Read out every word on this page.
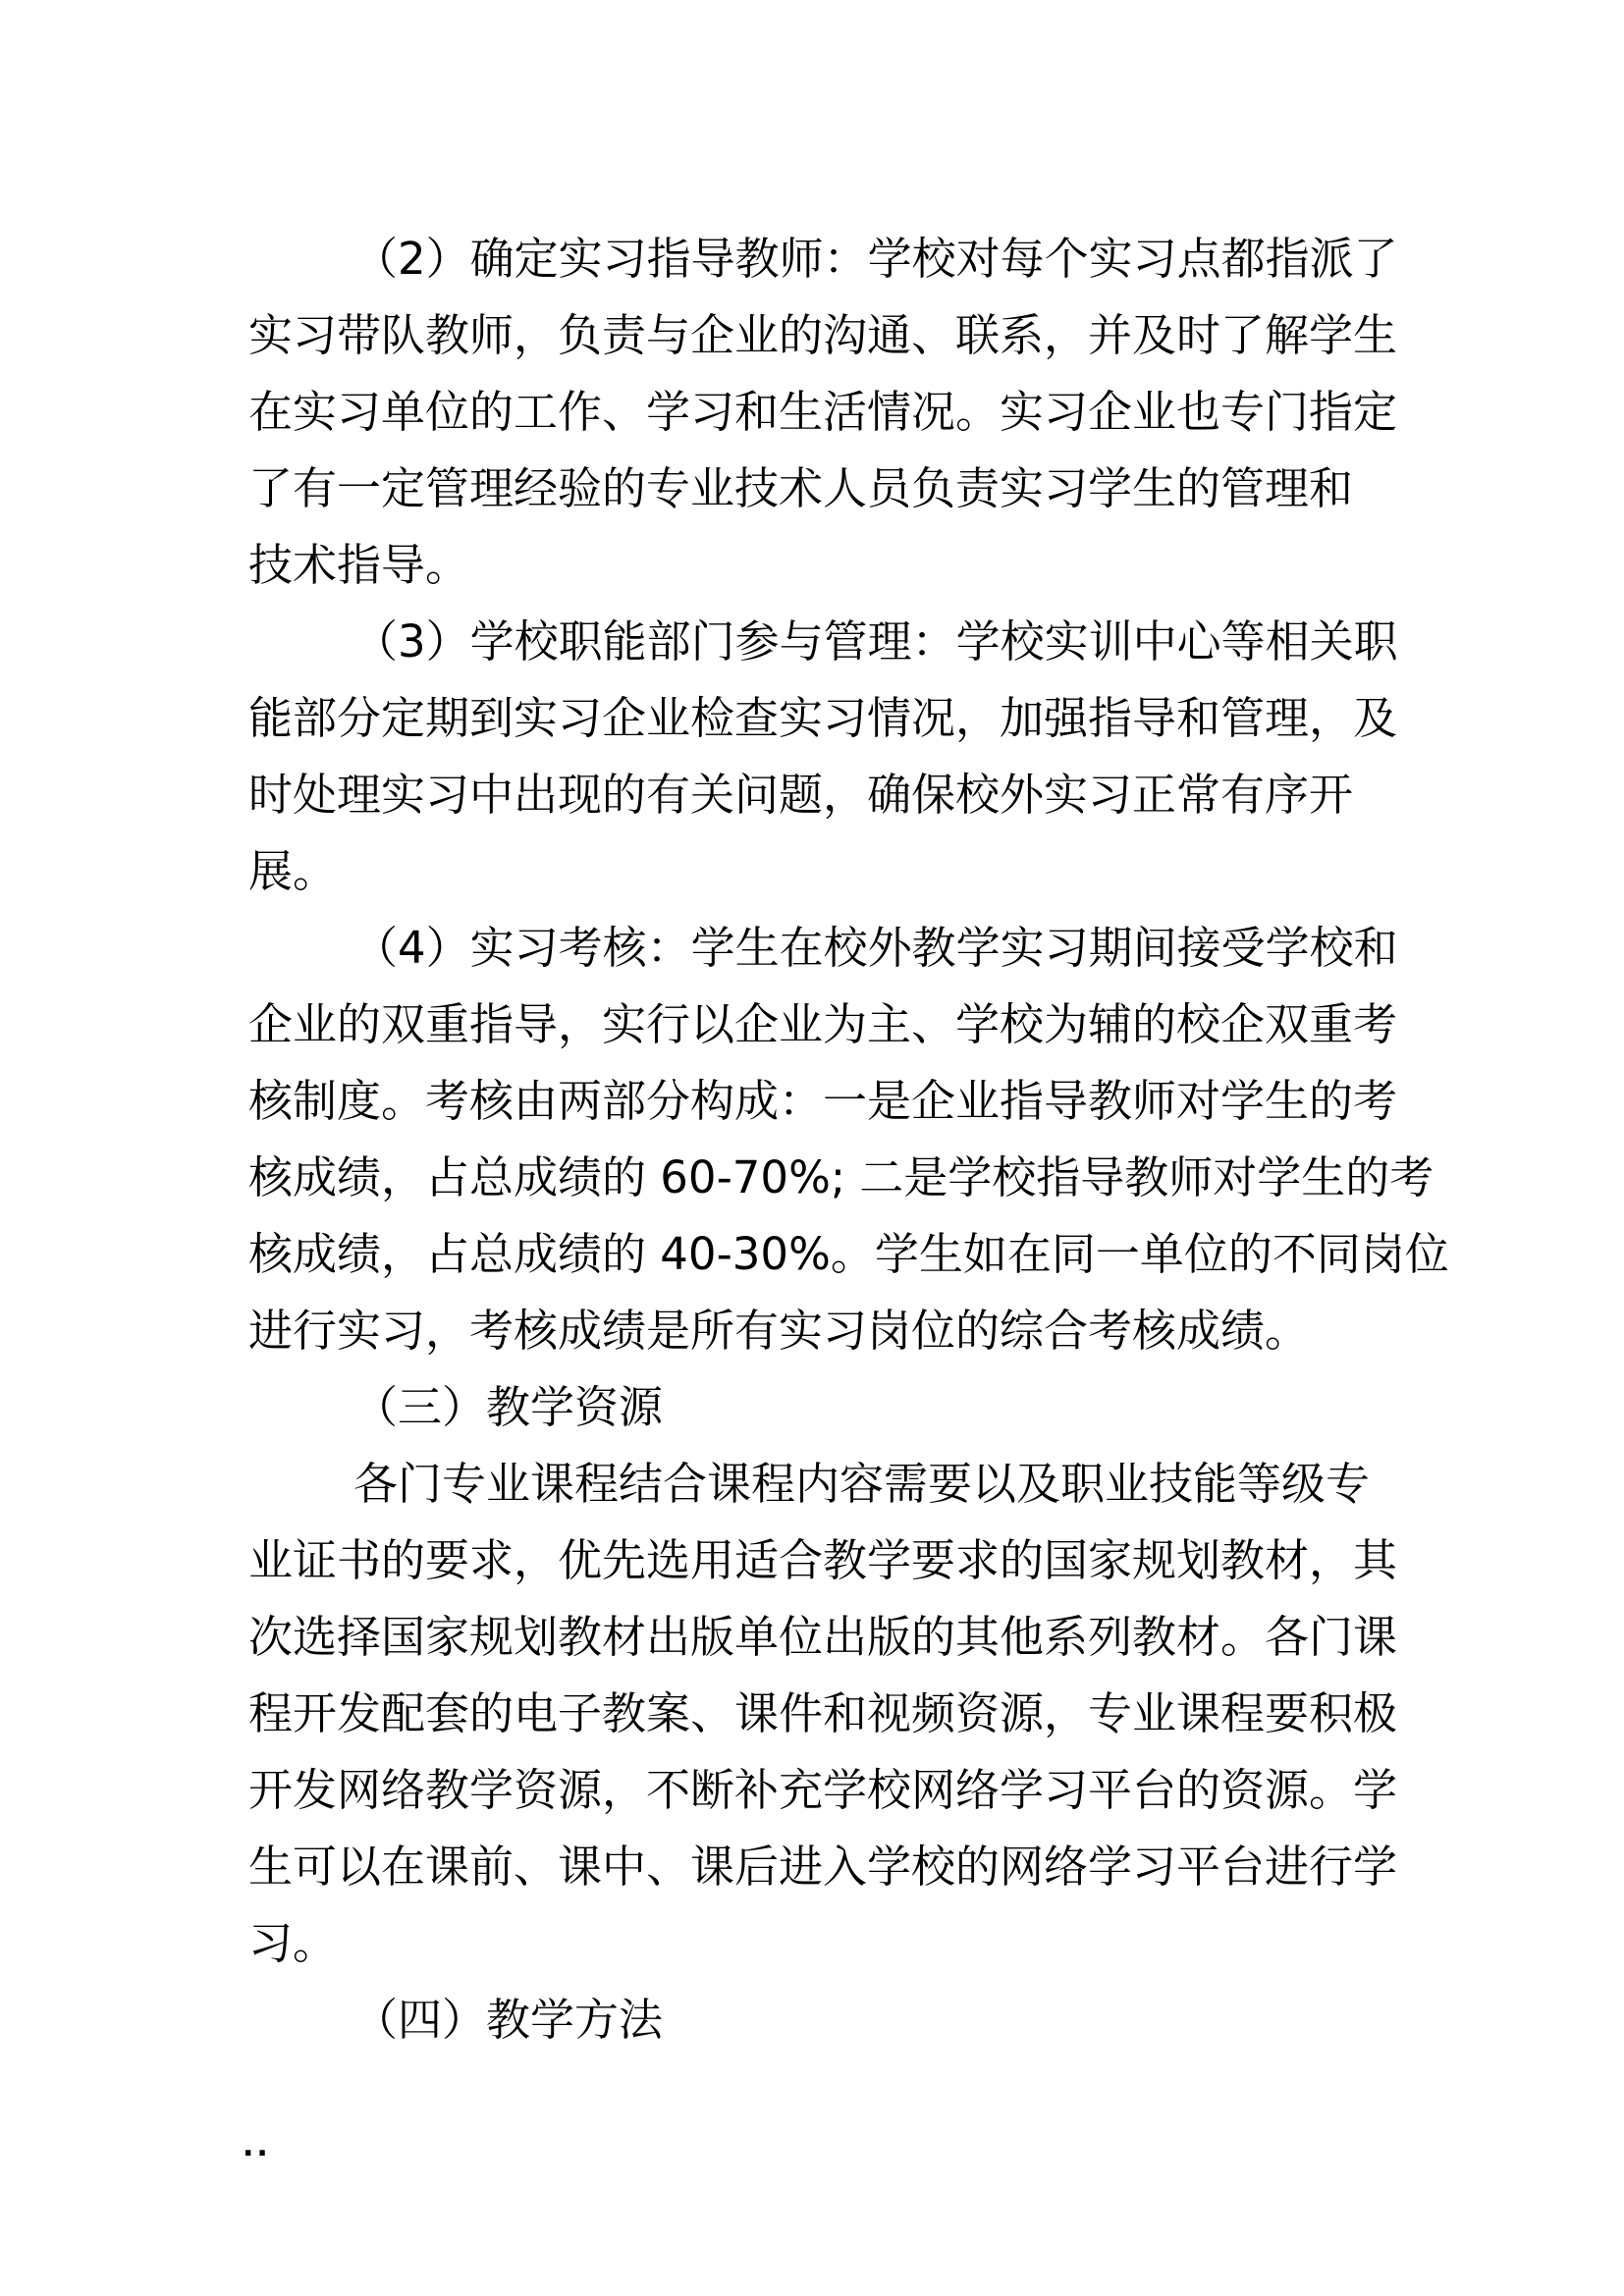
（2）确定实习指导教师：学校对每个实习点都指派了
实习带队教师，负责与企业的沟通、联系，并及时了解学生
在实习单位的工作、学习和生活情况。实习企业也专门指定
了有一定管理经验的专业技术人员负责实习学生的管理和
技术指导。
（3）学校职能部门参与管理：学校实训中心等相关职
能部分定期到实习企业检查实习情况，加强指导和管理，及
时处理实习中出现的有关问题，确保校外实习正常有序开
展。
（4）实习考核：学生在校外教学实习期间接受学校和
企业的双重指导，实行以企业为主、学校为辅的校企双重考
核制度。考核由两部分构成：一是企业指导教师对学生的考
核成绩，占总成绩的 60-70%; 二是学校指导教师对学生的考
核成绩，占总成绩的 40-30%。学生如在同一单位的不同岗位
进行实习，考核成绩是所有实习岗位的综合考核成绩。
（三）教学资源
各门专业课程结合课程内容需要以及职业技能等级专
业证书的要求，优先选用适合教学要求的国家规划教材，其
次选择国家规划教材出版单位出版的其他系列教材。各门课
程开发配套的电子教案、课件和视频资源，专业课程要积极
开发网络教学资源，不断补充学校网络学习平台的资源。学
生可以在课前、课中、课后进入学校的网络学习平台进行学
习。
（四）教学方法
..
